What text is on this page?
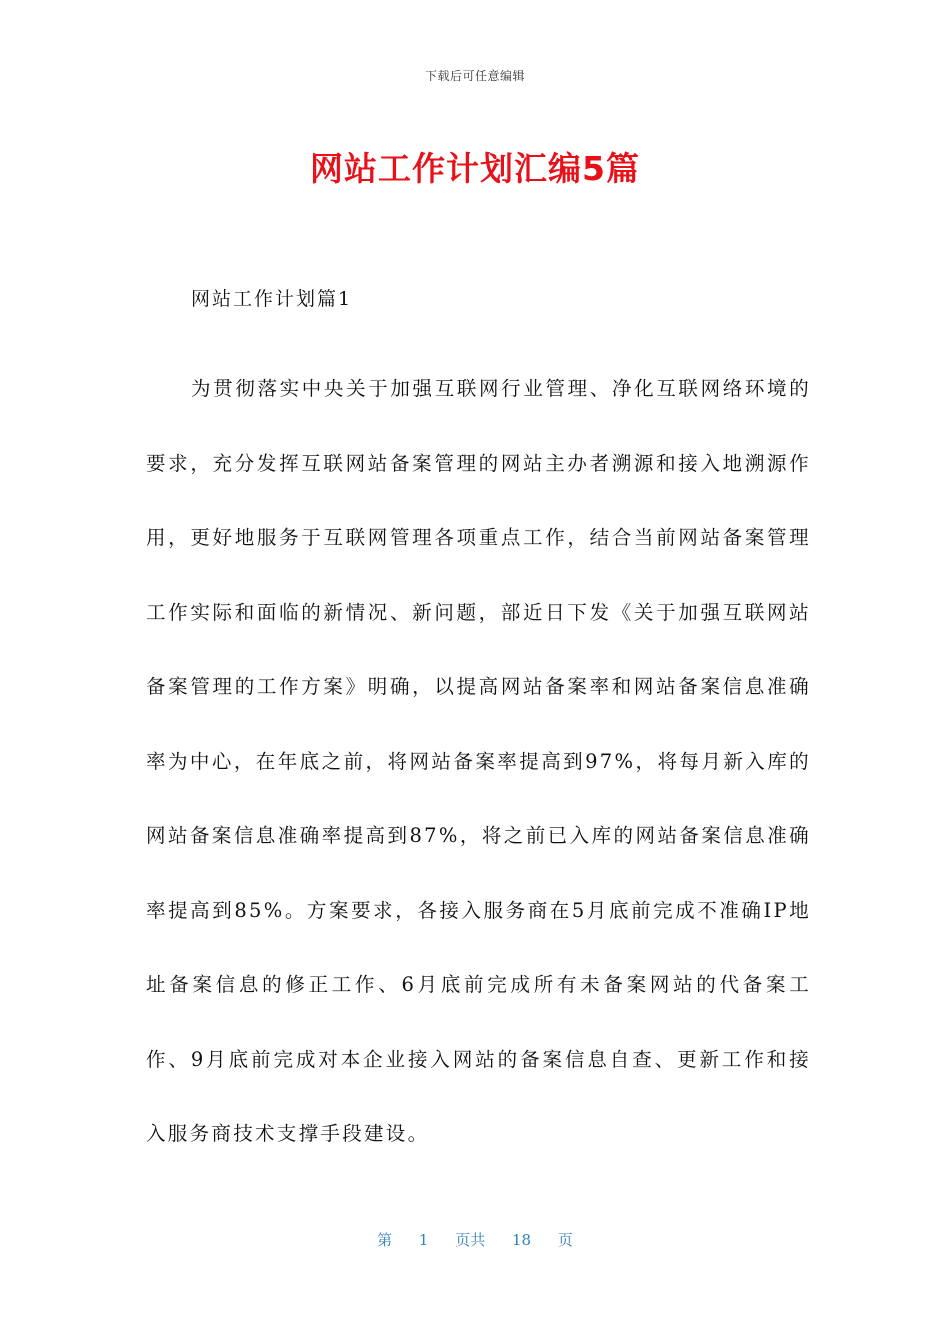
下载后可任意编辑
网站工作计划汇编5篇
网站工作计划篇1

为贯彻落实中央关于加强互联网行业管理、净化互联网络环境的要求，充分发挥互联网站备案管理的网站主办者溯源和接入地溯源作用，更好地服务于互联网管理各项重点工作，结合当前网站备案管理工作实际和面临的新情况、新问题，部近日下发《关于加强互联网站备案管理的工作方案》明确，以提高网站备案率和网站备案信息准确率为中心，在年底之前，将网站备案率提高到97%，将每月新入库的网站备案信息准确率提高到87%，将之前已入库的网站备案信息准确率提高到85%。方案要求，各接入服务商在5月底前完成不准确IP地址备案信息的修正工作、6月底前完成所有未备案网站的代备案工作、9月底前完成对本企业接入网站的备案信息自查、更新工作和接入服务商技术支撑手段建设。

第 1 页共 18 页
